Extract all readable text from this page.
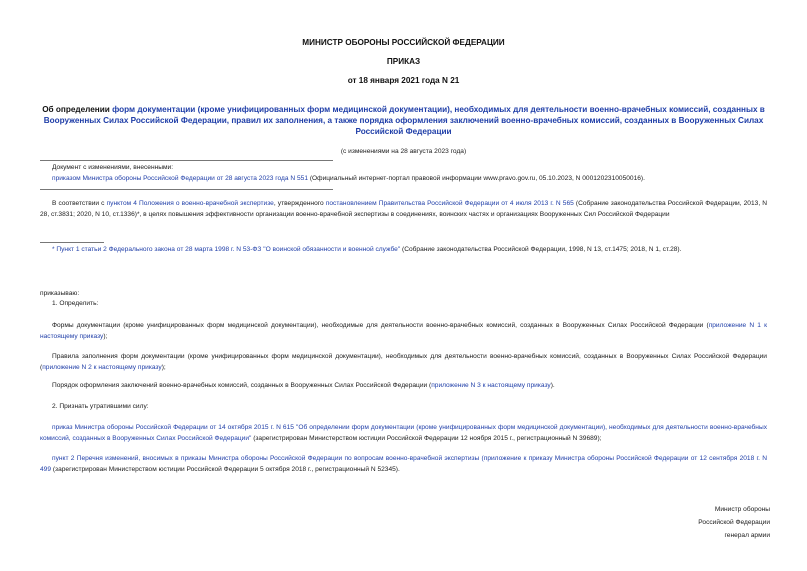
МИНИСТР ОБОРОНЫ РОССИЙСКОЙ ФЕДЕРАЦИИ
ПРИКАЗ
от 18 января 2021 года N 21
Об определении форм документации (кроме унифицированных форм медицинской документации), необходимых для деятельности военно-врачебных комиссий, созданных в Вооруженных Силах Российской Федерации, правил их заполнения, а также порядка оформления заключений военно-врачебных комиссий, созданных в Вооруженных Силах Российской Федерации
(с изменениями на 28 августа 2023 года)
Документ с изменениями, внесенными:
приказом Министра обороны Российской Федерации от 28 августа 2023 года N 551 (Официальный интернет-портал правовой информации www.pravo.gov.ru, 05.10.2023, N 0001202310050016).
В соответствии с пунктом 4 Положения о военно-врачебной экспертизе, утвержденного постановлением Правительства Российской Федерации от 4 июля 2013 г. N 565 (Собрание законодательства Российской Федерации, 2013, N 28, ст.3831; 2020, N 10, ст.1336)*, в целях повышения эффективности организации военно-врачебной экспертизы в соединениях, воинских частях и организациях Вооруженных Сил Российской Федерации
* Пункт 1 статьи 2 Федерального закона от 28 марта 1998 г. N 53-ФЗ "О воинской обязанности и военной службе" (Собрание законодательства Российской Федерации, 1998, N 13, ст.1475; 2018, N 1, ст.28).
приказываю:
1. Определить:
Формы документации (кроме унифицированных форм медицинской документации), необходимые для деятельности военно-врачебных комиссий, созданных в Вооруженных Силах Российской Федерации (приложение N 1 к настоящему приказу);
Правила заполнения форм документации (кроме унифицированных форм медицинской документации), необходимых для деятельности военно-врачебных комиссий, созданных в Вооруженных Силах Российской Федерации (приложение N 2 к настоящему приказу);
Порядок оформления заключений военно-врачебных комиссий, созданных в Вооруженных Силах Российской Федерации (приложение N 3 к настоящему приказу).
2. Признать утратившими силу:
приказ Министра обороны Российской Федерации от 14 октября 2015 г. N 615 "Об определении форм документации (кроме унифицированных форм медицинской документации), необходимых для деятельности военно-врачебных комиссий, созданных в Вооруженных Силах Российской Федерации" (зарегистрирован Министерством юстиции Российской Федерации 12 ноября 2015 г., регистрационный N 39689);
пункт 2 Перечня изменений, вносимых в приказы Министра обороны Российской Федерации по вопросам военно-врачебной экспертизы (приложение к приказу Министра обороны Российской Федерации от 12 сентября 2018 г. N 499 (зарегистрирован Министерством юстиции Российской Федерации 5 октября 2018 г., регистрационный N 52345).
Министр обороны
Российской Федерации
генерал армии
